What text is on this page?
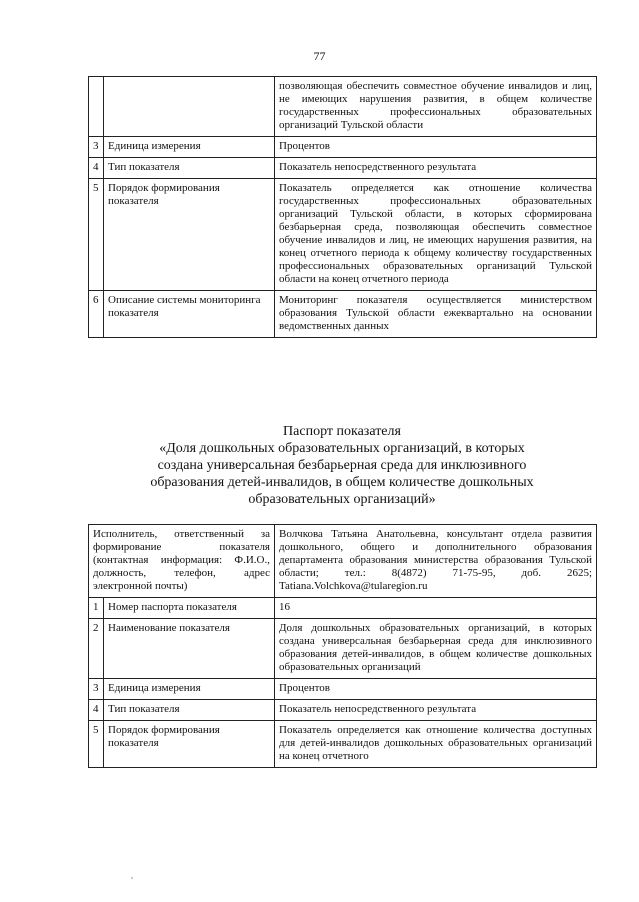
77
		позволяющая обеспечить совместное обучение инвалидов и лиц, не имеющих нарушения развития, в общем количестве государственных профессиональных образовательных организаций Тульской области
3	Единица измерения	Процентов
4	Тип показателя	Показатель непосредственного результата
5	Порядок формирования показателя	Показатель определяется как отношение количества государственных профессиональных образовательных организаций Тульской области, в которых сформирована безбарьерная среда, позволяющая обеспечить совместное обучение инвалидов и лиц, не имеющих нарушения развития, на конец отчетного периода к общему количеству государственных профессиональных образовательных организаций Тульской области на конец отчетного периода
6	Описание системы мониторинга показателя	Мониторинг показателя осуществляется министерством образования Тульской области ежеквартально на основании ведомственных данных
Паспорт показателя
«Доля дошкольных образовательных организаций, в которых
создана универсальная безбарьерная среда для инклюзивного
образования детей-инвалидов, в общем количестве дошкольных
образовательных организаций»
Исполнитель, ответственный за формирование показателя (контактная информация: Ф.И.О., должность, телефон, адрес электронной почты)		Волчкова Татьяна Анатольевна, консультант отдела развития дошкольного, общего и дополнительного образования департамента образования министерства образования Тульской области; тел.: 8(4872) 71-75-95, доб. 2625; Tatiana.Volchkova@tularegion.ru
1	Номер паспорта показателя	16
2	Наименование показателя	Доля дошкольных образовательных организаций, в которых создана универсальная безбарьерная среда для инклюзивного образования детей-инвалидов, в общем количестве дошкольных образовательных организаций
3	Единица измерения	Процентов
4	Тип показателя	Показатель непосредственного результата
5	Порядок формирования показателя	Показатель определяется как отношение количества доступных для детей-инвалидов дошкольных образовательных организаций на конец отчетного
